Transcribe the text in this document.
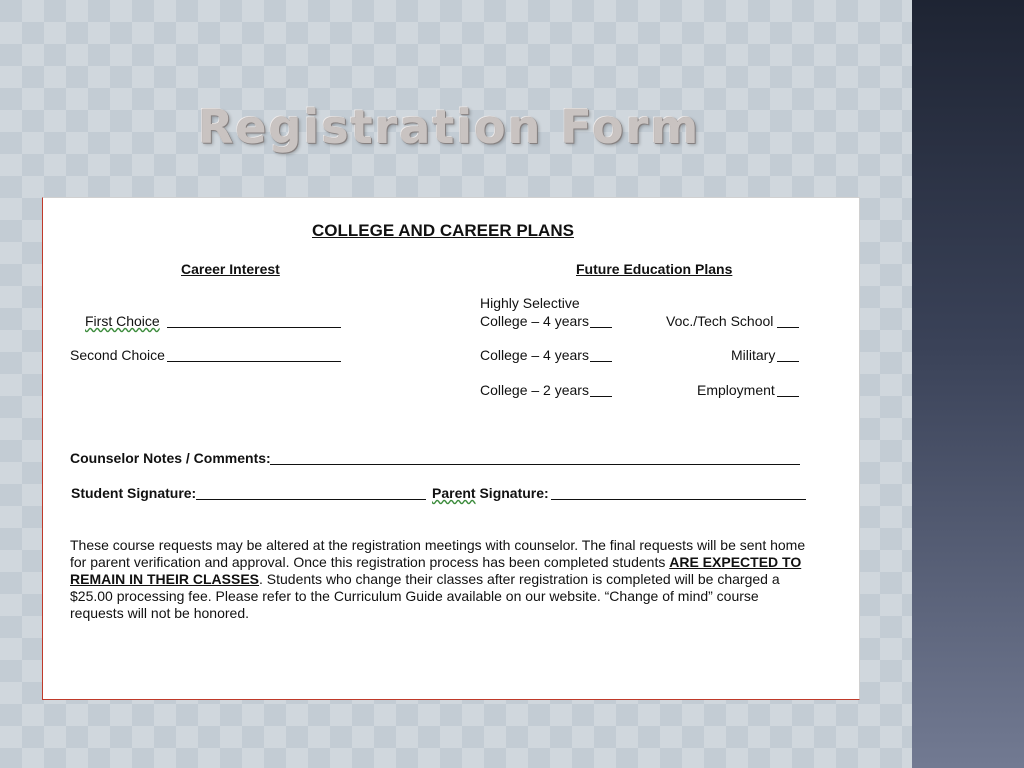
Registration Form
COLLEGE AND CAREER PLANS
Career Interest	Future Education Plans
First Choice
Second Choice
Highly Selective
College – 4 years
College – 4 years
College – 2 years
Voc./Tech School
Military
Employment
Counselor Notes / Comments:
Student Signature:	Parent Signature:

These course requests may be altered at the registration meetings with counselor. The final requests will be sent home for parent verification and approval. Once this registration process has been completed students ARE EXPECTED TO REMAIN IN THEIR CLASSES. Students who change their classes after registration is completed will be charged a $25.00 processing fee. Please refer to the Curriculum Guide available on our website. “Change of mind” course requests will not be honored.
